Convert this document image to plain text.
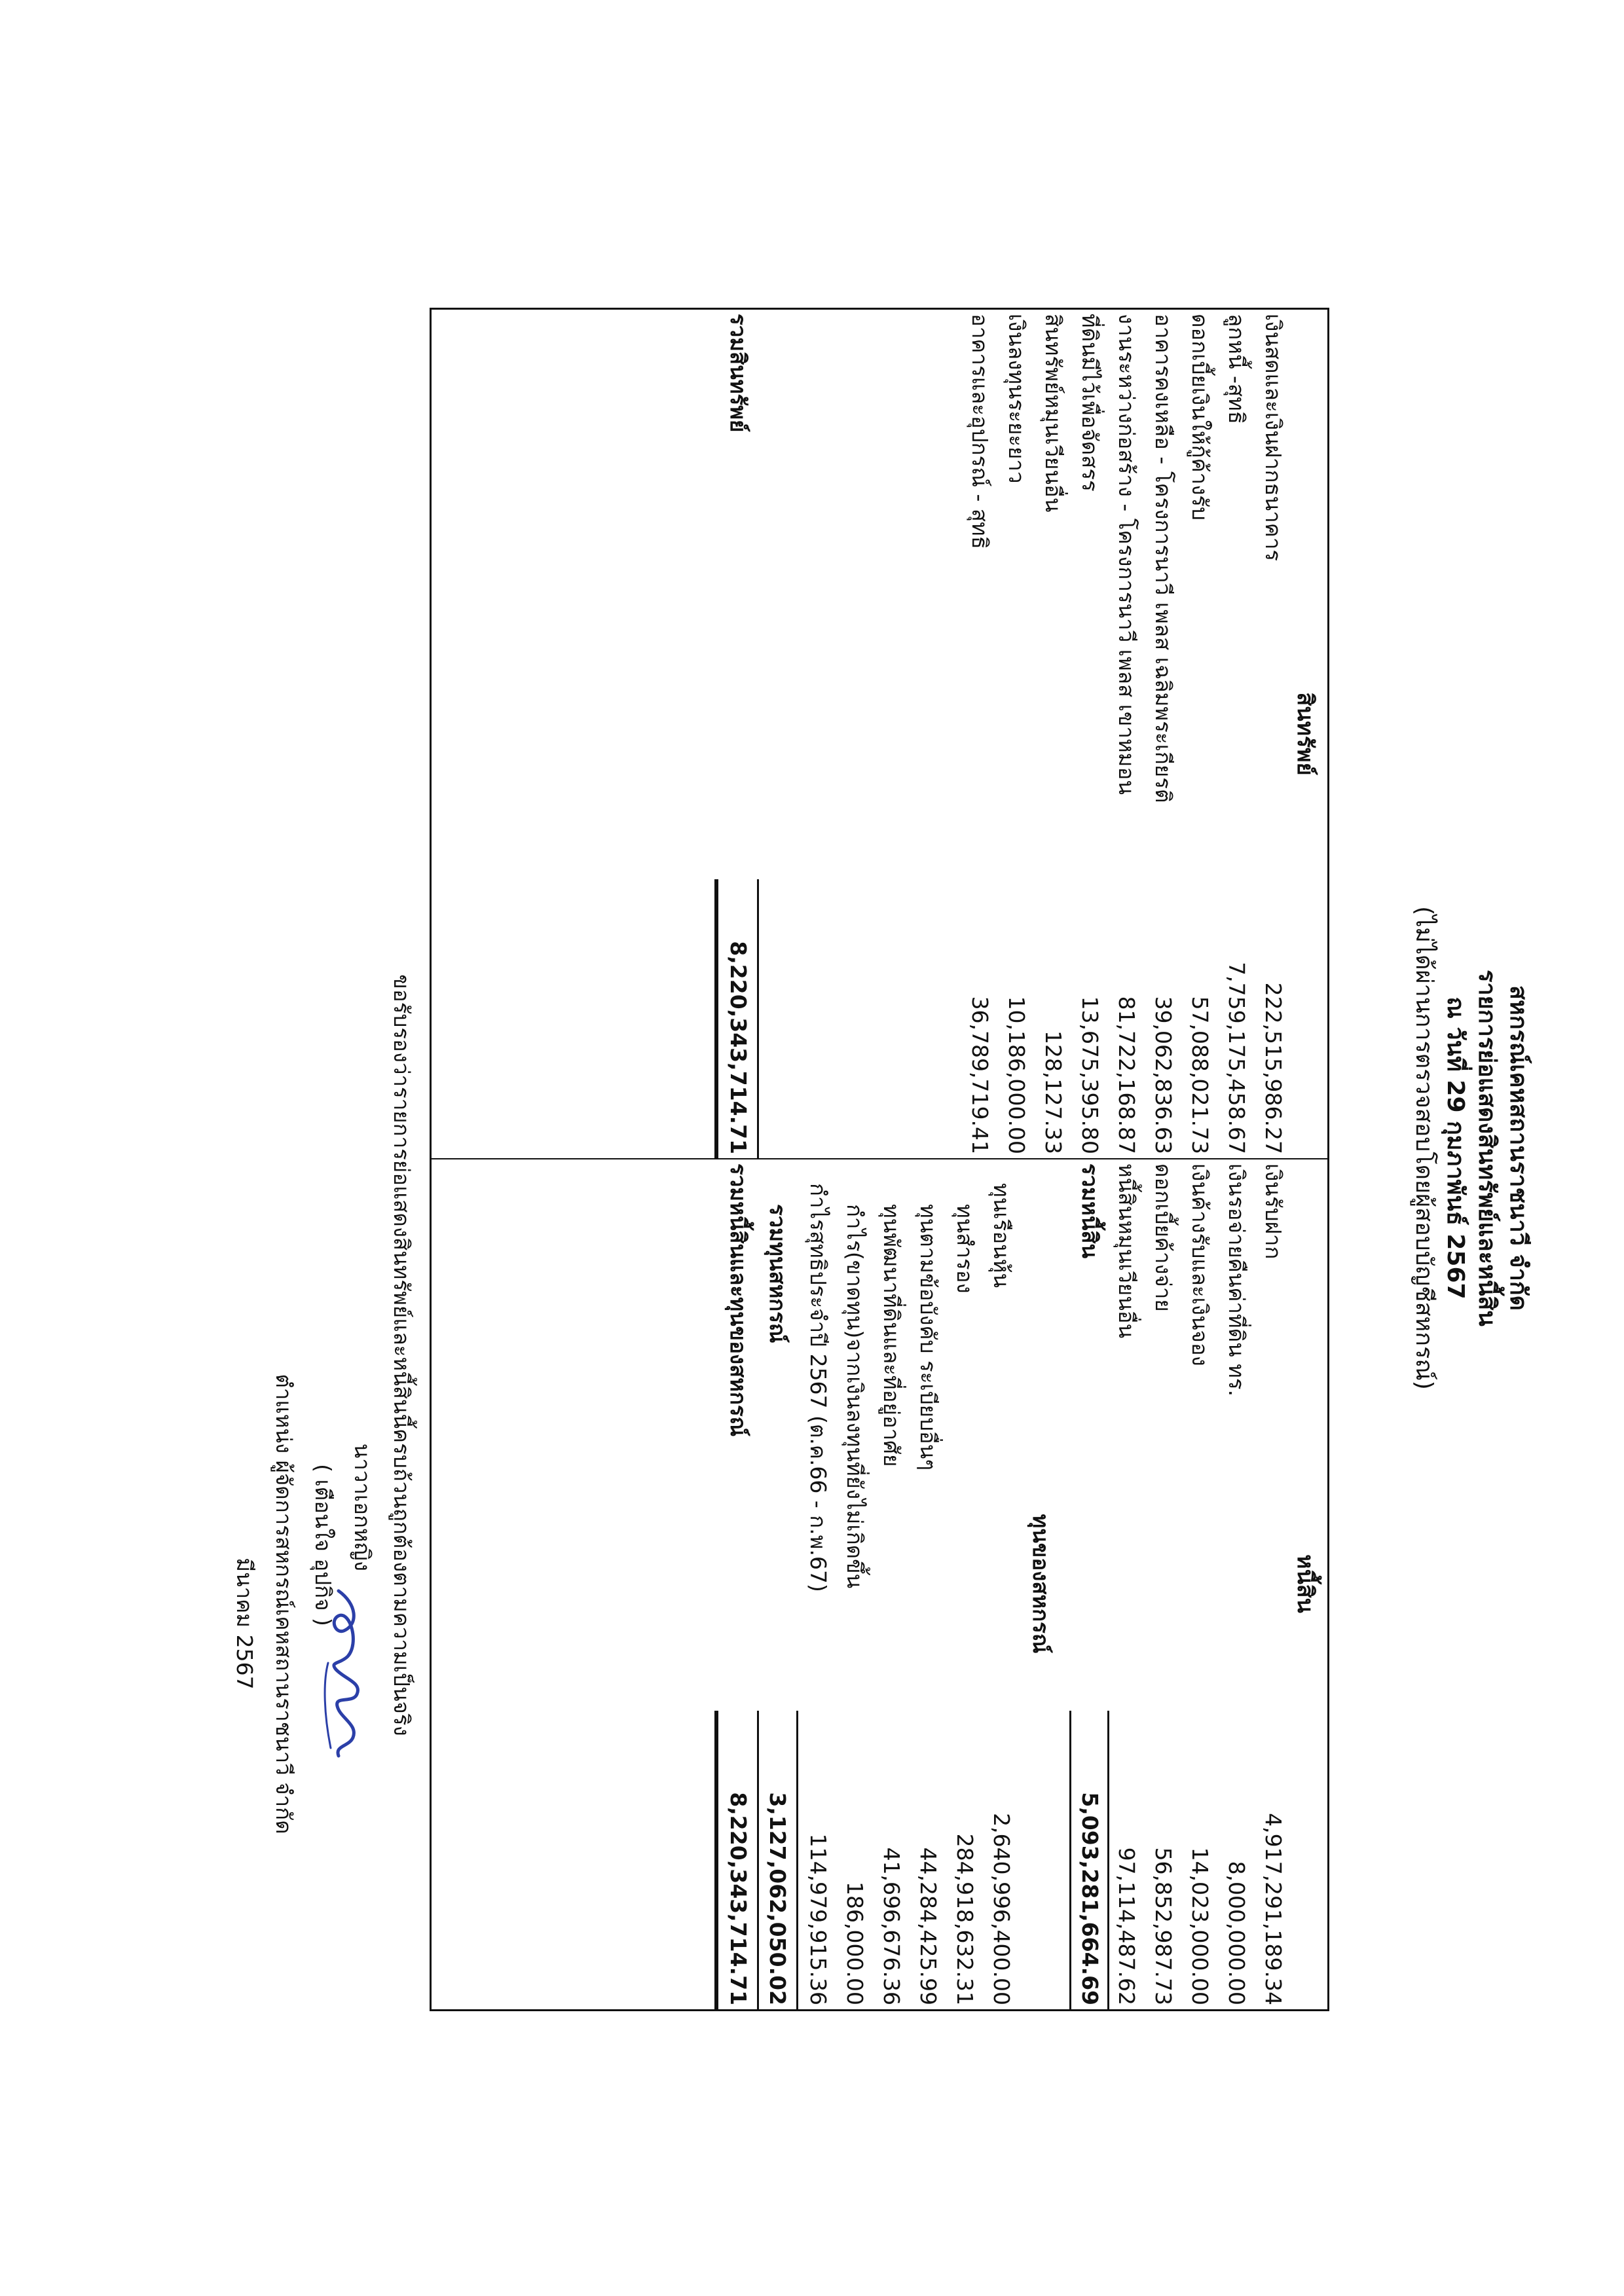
สหกรณ์เคหสถานราชนาวี จำกัด
รายการย่อแสดงสินทรัพย์และหนี้สิน
ณ วันที่ 29 กุมภาพันธ์ 2567
(ไม่ได้ผ่านการตรวจสอบโดยผู้สอบบัญชีสหกรณ์)
สินทรัพย์
หนี้สิน
เงินสดและเงินฝากธนาคาร
222,515,986.27
ลูกหนี้ -สุทธิ
7,759,175,458.67
ดอกเบี้ยเงินให้กู้ค้างรับ
57,088,021.73
อาคารคงเหลือ - โครงการนาวี เพลส เฉลิมพระเกียรติ
39,062,836.63
งานระหว่างก่อสร้าง - โครงการนาวี เพลส เขาหมอน
81,722,168.87
ที่ดินมีไว้เพื่อจัดสรร
13,675,395.80
สินทรัพย์หมุนเวียนอื่น
128,127.33
เงินลงทุนระยะยาว
10,186,000.00
อาคารและอุปกรณ์ - สุทธิ
36,789,719.41
เงินรับฝาก
4,917,291,189.34
เงินรอจ่ายคืนค่าที่ดิน ทร.
8,000,000.00
เงินค้างรับและเงินจอง
14,023,000.00
ดอกเบี้ยค้างจ่าย
56,852,987.73
หนี้สินหมุนเวียนอื่น
97,114,487.62
รวมหนี้สิน
5,093,281,664.69
ทุนของสหกรณ์
ทุนเรือนหุ้น
2,640,996,400.00
ทุนสำรอง
284,918,632.31
ทุนตามข้อบังคับ ระเบียบอื่นๆ
44,284,425.99
ทุนพัฒนาที่ดินและที่อยู่อาศัย
41,696,676.36
กำไร(ขาดทุน)จากเงินลงทุนที่ยังไม่เกิดขึ้น
186,000.00
กำไรสุทธิประจำปี 2567 (ต.ค.66 - ก.พ.67)
114,979,915.36
รวมทุนสหกรณ์
3,127,062,050.02
รวมสินทรัพย์
8,220,343,714.71
รวมหนี้สินและทุนของสหกรณ์
8,220,343,714.71
ขอรับรองว่ารายการย่อแสดงสินทรัพย์และหนี้สินนี้ครบถ้วนถูกต้องตามความเป็นจริง
นาวาเอกหญิง
( เตือนใจ อุปกิจ )
ตำแหน่ง ผู้จัดการสหกรณ์เคหสถานราชนาวี จำกัด
มีนาคม 2567
